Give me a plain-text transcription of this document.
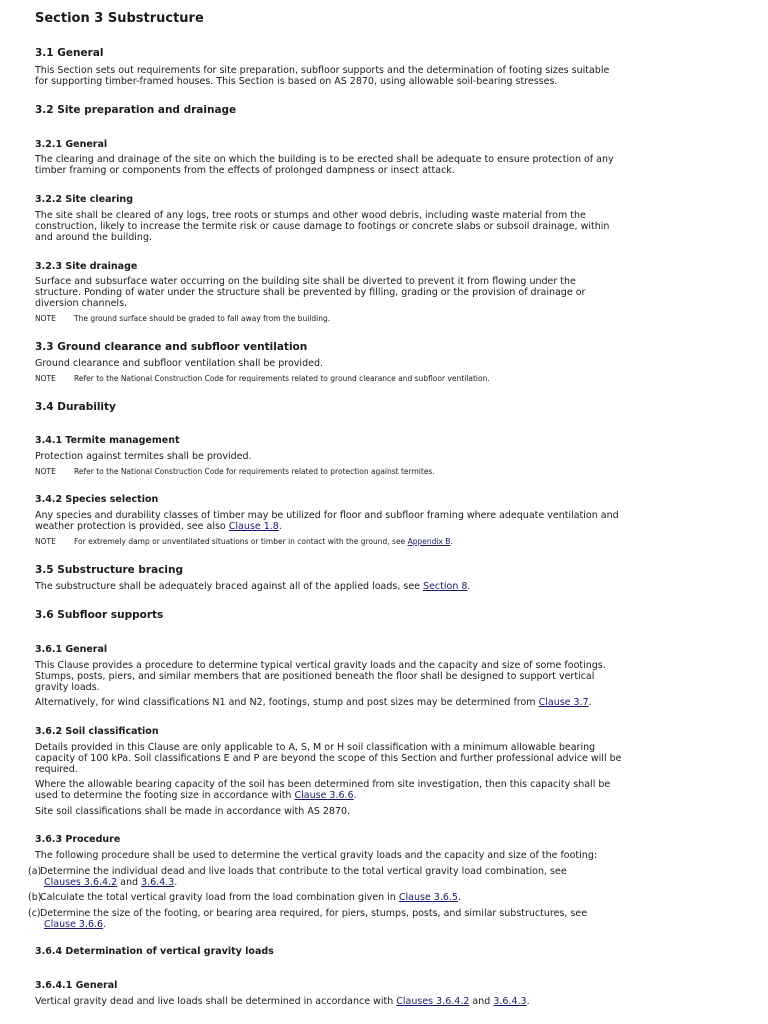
Section 3 Substructure
3.1 General
This Section sets out requirements for site preparation, subfloor supports and the determination of footing sizes suitable
for supporting timber-framed houses. This Section is based on AS 2870, using allowable soil-bearing stresses.
3.2 Site preparation and drainage
3.2.1 General
The clearing and drainage of the site on which the building is to be erected shall be adequate to ensure protection of any
timber framing or components from the effects of prolonged dampness or insect attack.
3.2.2 Site clearing
The site shall be cleared of any logs, tree roots or stumps and other wood debris, including waste material from the
construction, likely to increase the termite risk or cause damage to footings or concrete slabs or subsoil drainage, within
and around the building.
3.2.3 Site drainage
Surface and subsurface water occurring on the building site shall be diverted to prevent it from flowing under the
structure. Ponding of water under the structure shall be prevented by filling, grading or the provision of drainage or
diversion channels.
NOTE The ground surface should be graded to fall away from the building.
3.3 Ground clearance and subfloor ventilation
Ground clearance and subfloor ventilation shall be provided.
NOTE Refer to the National Construction Code for requirements related to ground clearance and subfloor ventilation.
3.4 Durability
3.4.1 Termite management
Protection against termites shall be provided.
NOTE Refer to the National Construction Code for requirements related to protection against termites.
3.4.2 Species selection
Any species and durability classes of timber may be utilized for floor and subfloor framing where adequate ventilation and
weather protection is provided, see also Clause 1.8.
NOTE For extremely damp or unventilated situations or timber in contact with the ground, see Appendix B.
3.5 Substructure bracing
The substructure shall be adequately braced against all of the applied loads, see Section 8.
3.6 Subfloor supports
3.6.1 General
This Clause provides a procedure to determine typical vertical gravity loads and the capacity and size of some footings.
Stumps, posts, piers, and similar members that are positioned beneath the floor shall be designed to support vertical
gravity loads.
Alternatively, for wind classifications N1 and N2, footings, stump and post sizes may be determined from Clause 3.7.
3.6.2 Soil classification
Details provided in this Clause are only applicable to A, S, M or H soil classification with a minimum allowable bearing
capacity of 100 kPa. Soil classifications E and P are beyond the scope of this Section and further professional advice will be
required.
Where the allowable bearing capacity of the soil has been determined from site investigation, then this capacity shall be
used to determine the footing size in accordance with Clause 3.6.6.
Site soil classifications shall be made in accordance with AS 2870.
3.6.3 Procedure
The following procedure shall be used to determine the vertical gravity loads and the capacity and size of the footing:
(a)Determine the individual dead and live loads that contribute to the total vertical gravity load combination, see
Clauses 3.6.4.2 and 3.6.4.3.
(b)Calculate the total vertical gravity load from the load combination given in Clause 3.6.5.
(c)Determine the size of the footing, or bearing area required, for piers, stumps, posts, and similar substructures, see
Clause 3.6.6.
3.6.4 Determination of vertical gravity loads
3.6.4.1 General
Vertical gravity dead and live loads shall be determined in accordance with Clauses 3.6.4.2 and 3.6.4.3.
